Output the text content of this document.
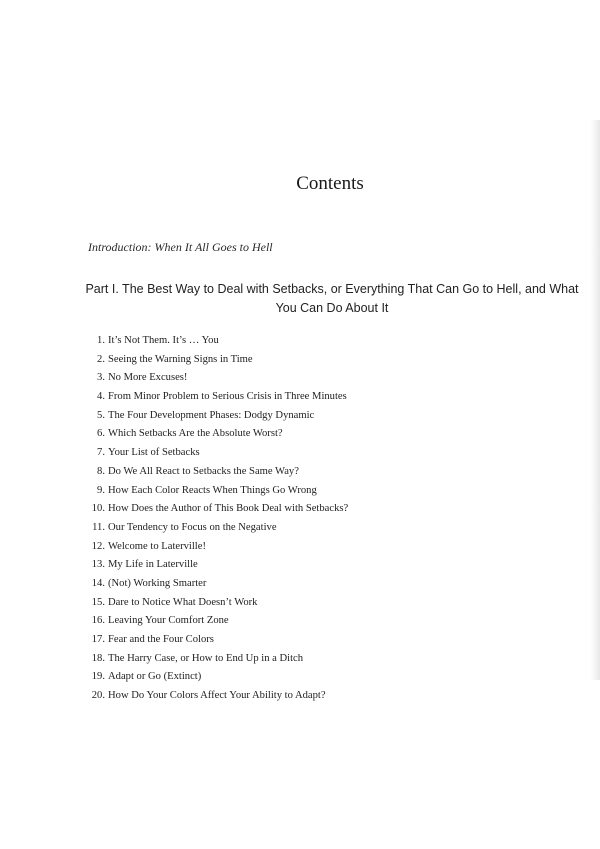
Contents

Introduction: When It All Goes to Hell

Part I. The Best Way to Deal with Setbacks, or Everything That Can Go to Hell, and What You Can Do About It

1. It’s Not Them. It’s … You
2. Seeing the Warning Signs in Time
3. No More Excuses!
4. From Minor Problem to Serious Crisis in Three Minutes
5. The Four Development Phases: Dodgy Dynamic
6. Which Setbacks Are the Absolute Worst?
7. Your List of Setbacks
8. Do We All React to Setbacks the Same Way?
9. How Each Color Reacts When Things Go Wrong
10. How Does the Author of This Book Deal with Setbacks?
11. Our Tendency to Focus on the Negative
12. Welcome to Laterville!
13. My Life in Laterville
14. (Not) Working Smarter
15. Dare to Notice What Doesn’t Work
16. Leaving Your Comfort Zone
17. Fear and the Four Colors
18. The Harry Case, or How to End Up in a Ditch
19. Adapt or Go (Extinct)
20. How Do Your Colors Affect Your Ability to Adapt?
